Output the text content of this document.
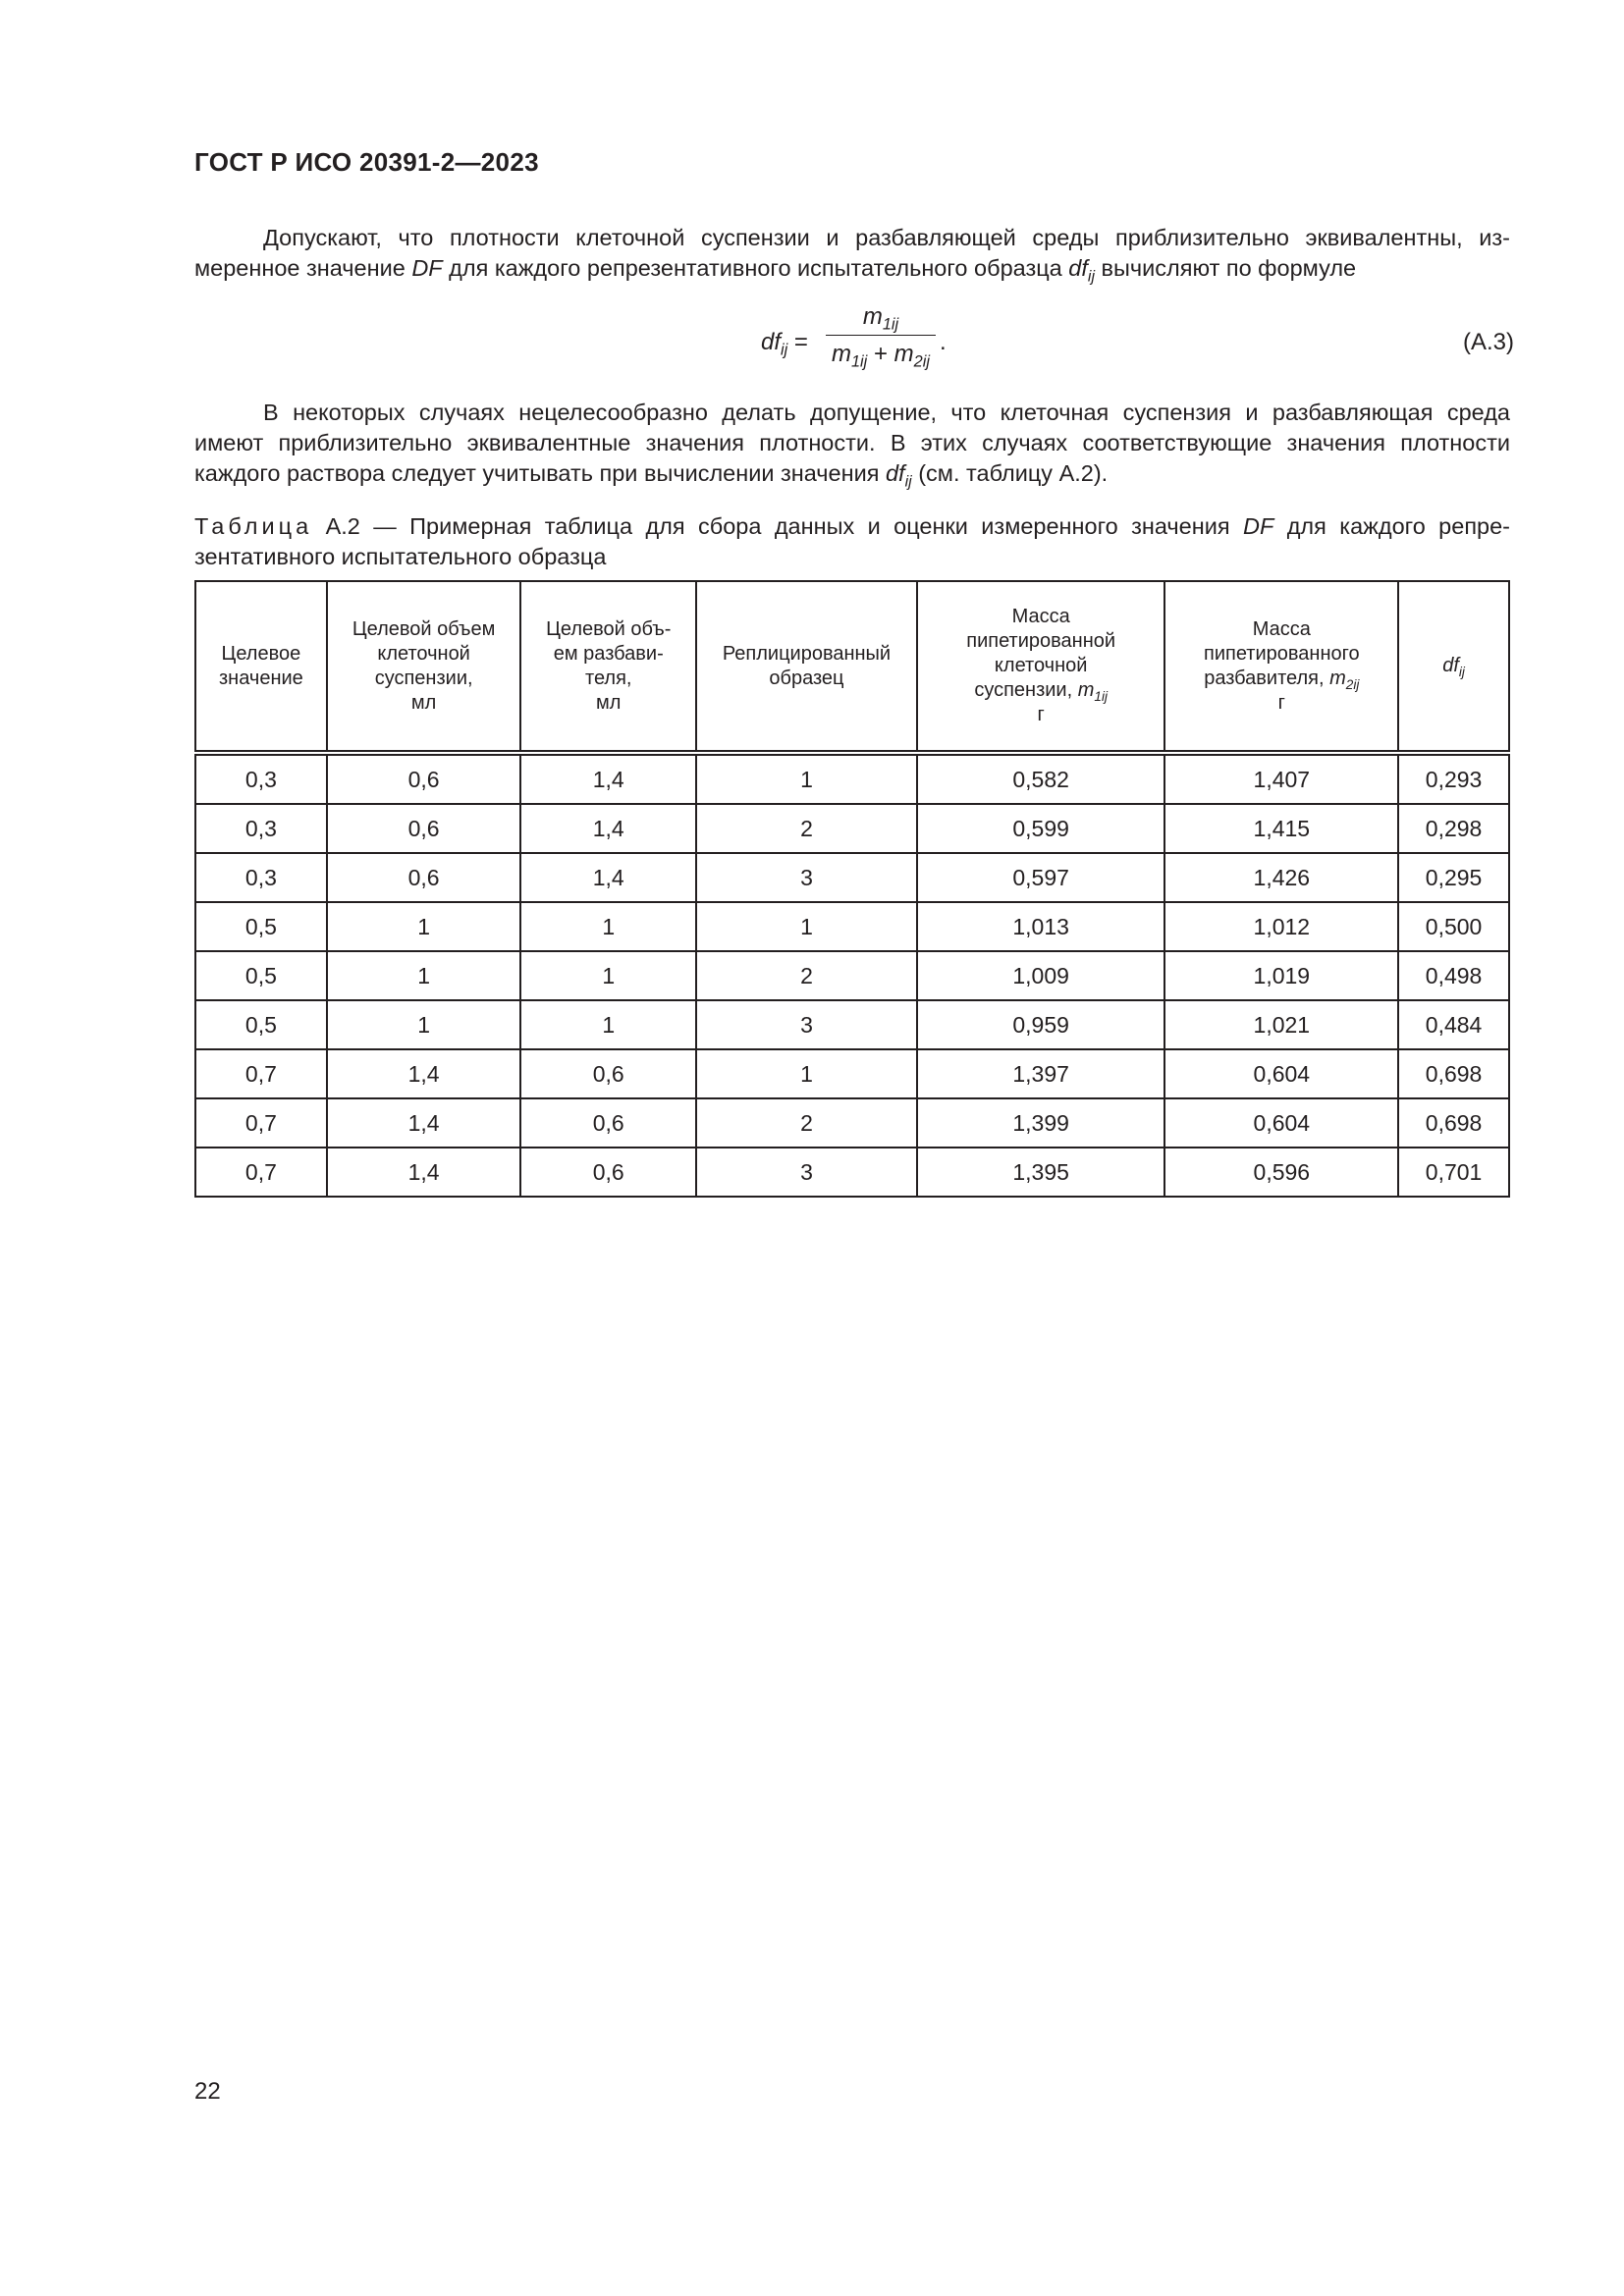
ГОСТ Р ИСО 20391-2—2023
Допускают, что плотности клеточной суспензии и разбавляющей среды приблизительно эквивалентны, из-
меренное значение DF для каждого репрезентативного испытательного образца $df_{ij}$ вычисляют по формуле
$df_{ij}$ =
$m_{1ij}$
$m_{1ij} + m_{2ij}$
.	(A.3)
В некоторых случаях нецелесообразно делать допущение, что клеточная суспензия и разбавляющая среда
имеют приблизительно эквивалентные значения плотности. В этих случаях соответствующие значения плотности
каждого раствора следует учитывать при вычислении значения $df_{ij}$ (см. таблицу А.2).
Таблица А.2 — Примерная таблица для сбора данных и оценки измеренного значения DF для каждого репре-
зентативного испытательного образца
Целевое
значение	Целевой объем
клеточной
суспензии,
мл	Целевой объ-
ем разбави-
теля,
мл	Реплицированный
образец	Масса
пипетированной
клеточной
суспензии, $m_{1ij}$
г	Масса
пипетированного
разбавителя, $m_{2ij}$
г	$df_{ij}$
0,3	0,6	1,4	1	0,582	1,407	0,293
0,3	0,6	1,4	2	0,599	1,415	0,298
0,3	0,6	1,4	3	0,597	1,426	0,295
0,5	1	1	1	1,013	1,012	0,500
0,5	1	1	2	1,009	1,019	0,498
0,5	1	1	3	0,959	1,021	0,484
0,7	1,4	0,6	1	1,397	0,604	0,698
0,7	1,4	0,6	2	1,399	0,604	0,698
0,7	1,4	0,6	3	1,395	0,596	0,701
22
